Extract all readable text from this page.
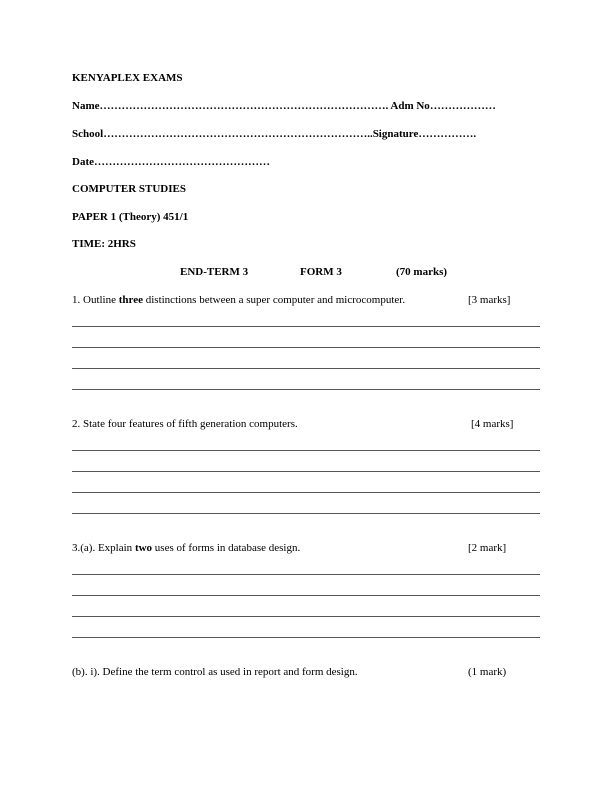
KENYAPLEX EXAMS
Name……………………………………………………………………. Adm No………………
School………………………………………………………………..Signature…………….
Date…………………………………………
COMPUTER STUDIES
PAPER 1 (Theory) 451/1
TIME: 2HRS
END-TERM 3	FORM 3	(70 marks)
1. Outline three distinctions between a super computer and microcomputer.	[3 marks]
2. State four features of fifth generation computers.	[4 marks]
3.(a). Explain two uses of forms in database design.	[2 mark]
(b). i). Define the term control as used in report and form design.	(1 mark)
